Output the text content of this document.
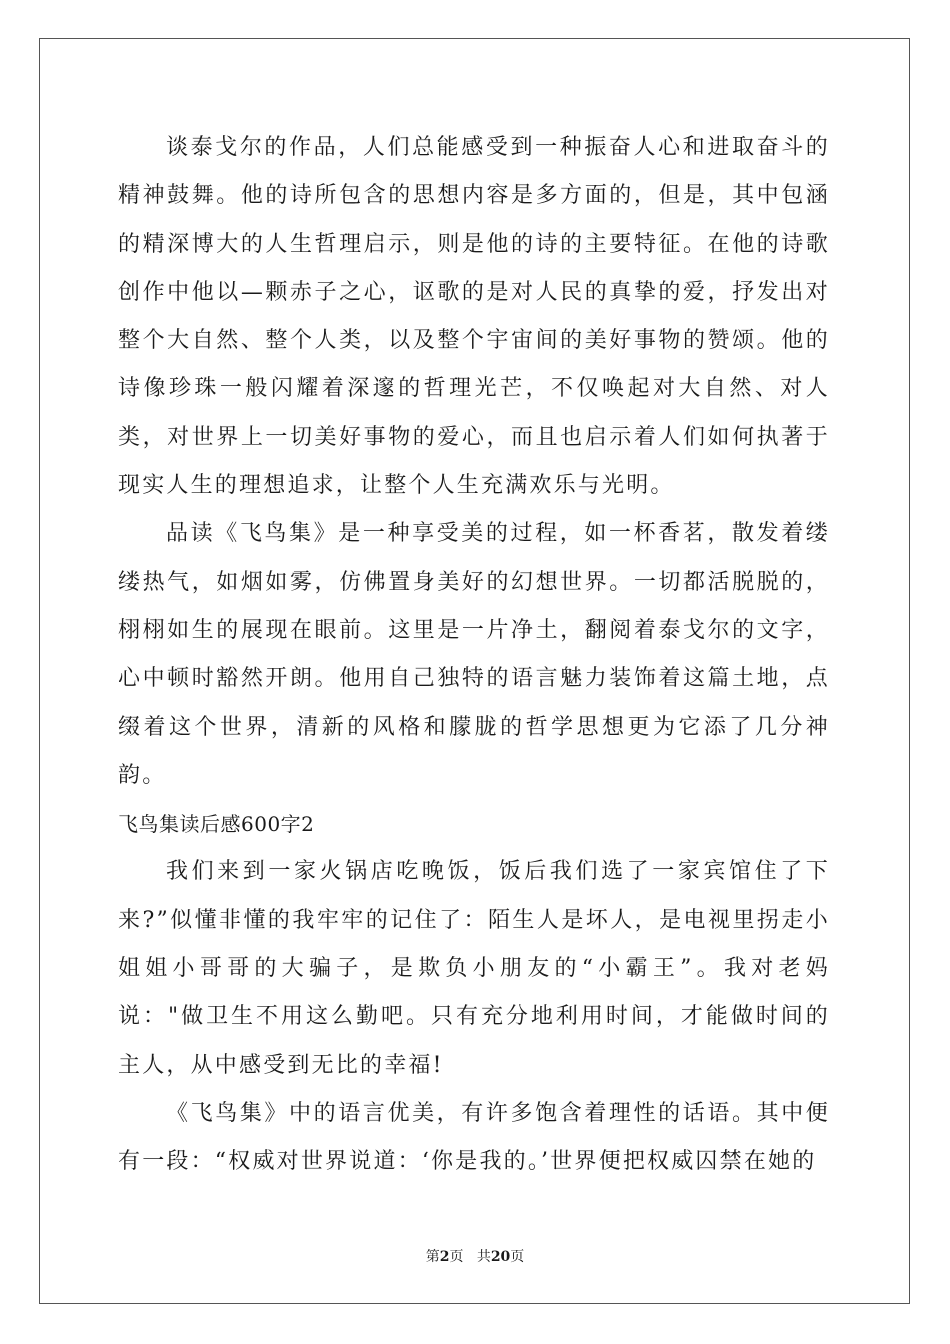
谈泰戈尔的作品，人们总能感受到一种振奋人心和进取奋斗的精神鼓舞。他的诗所包含的思想内容是多方面的，但是，其中包涵的精深博大的人生哲理启示，则是他的诗的主要特征。在他的诗歌创作中他以—颗赤子之心，讴歌的是对人民的真挚的爱，抒发出对整个大自然、整个人类，以及整个宇宙间的美好事物的赞颂。他的诗像珍珠一般闪耀着深邃的哲理光芒，不仅唤起对大自然、对人类，对世界上一切美好事物的爱心，而且也启示着人们如何执著于现实人生的理想追求，让整个人生充满欢乐与光明。

品读《飞鸟集》是一种享受美的过程，如一杯香茗，散发着缕缕热气，如烟如雾，仿佛置身美好的幻想世界。一切都活脱脱的，栩栩如生的展现在眼前。这里是一片净土，翻阅着泰戈尔的文字，心中顿时豁然开朗。他用自己独特的语言魅力装饰着这篇土地，点缀着这个世界，清新的风格和朦胧的哲学思想更为它添了几分神韵。

飞鸟集读后感600字2

我们来到一家火锅店吃晚饭，饭后我们选了一家宾馆住了下来?”似懂非懂的我牢牢的记住了：陌生人是坏人，是电视里拐走小姐姐小哥哥的大骗子，是欺负小朋友的“小霸王”。我对老妈说："做卫生不用这么勤吧。只有充分地利用时间，才能做时间的主人，从中感受到无比的幸福!

《飞鸟集》中的语言优美，有许多饱含着理性的话语。其中便有一段：“权威对世界说道：‘你是我的。’世界便把权威囚禁在她的

第2页 共20页
